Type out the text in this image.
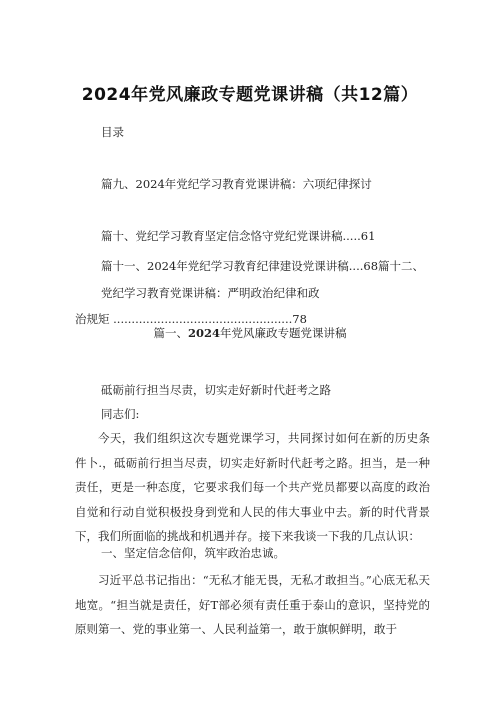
2024年党风廉政专题党课讲稿（共12篇）
目录
篇九、2024年党纪学习教育党课讲稿：六项纪律探讨
篇十、党纪学习教育坚定信念恪守党纪党课讲稿.....61
篇十一、2024年党纪学习教育纪律建设党课讲稿....68篇十二、
党纪学习教育党课讲稿：严明政治纪律和政
治规矩 .................................................78
篇一、2024年党风廉政专题党课讲稿
砥砺前行担当尽责，切实走好新时代赶考之路
同志们:
今天，我们组织这次专题党课学习，共同探讨如何在新的历史条件卜.，砥砺前行担当尽责，切实走好新时代赶考之路。担当，是一种责任，更是一种态度，它要求我们每一个共产党员都要以高度的政治自觉和行动自觉积极投身到党和人民的伟大事业中去。新的时代背景下，我们所面临的挑战和机遇并存。接下来我谈一下我的几点认识：
一、坚定信念信仰，筑牢政治忠诚。
习近平总书记指出：“无私才能无畏，无私才敢担当。”心底无私天地宽。“担当就是责任，好T部必须有责任重于泰山的意识，坚持党的原则第一、党的事业第一、人民利益第一，敢于旗帜鲜明，敢于
